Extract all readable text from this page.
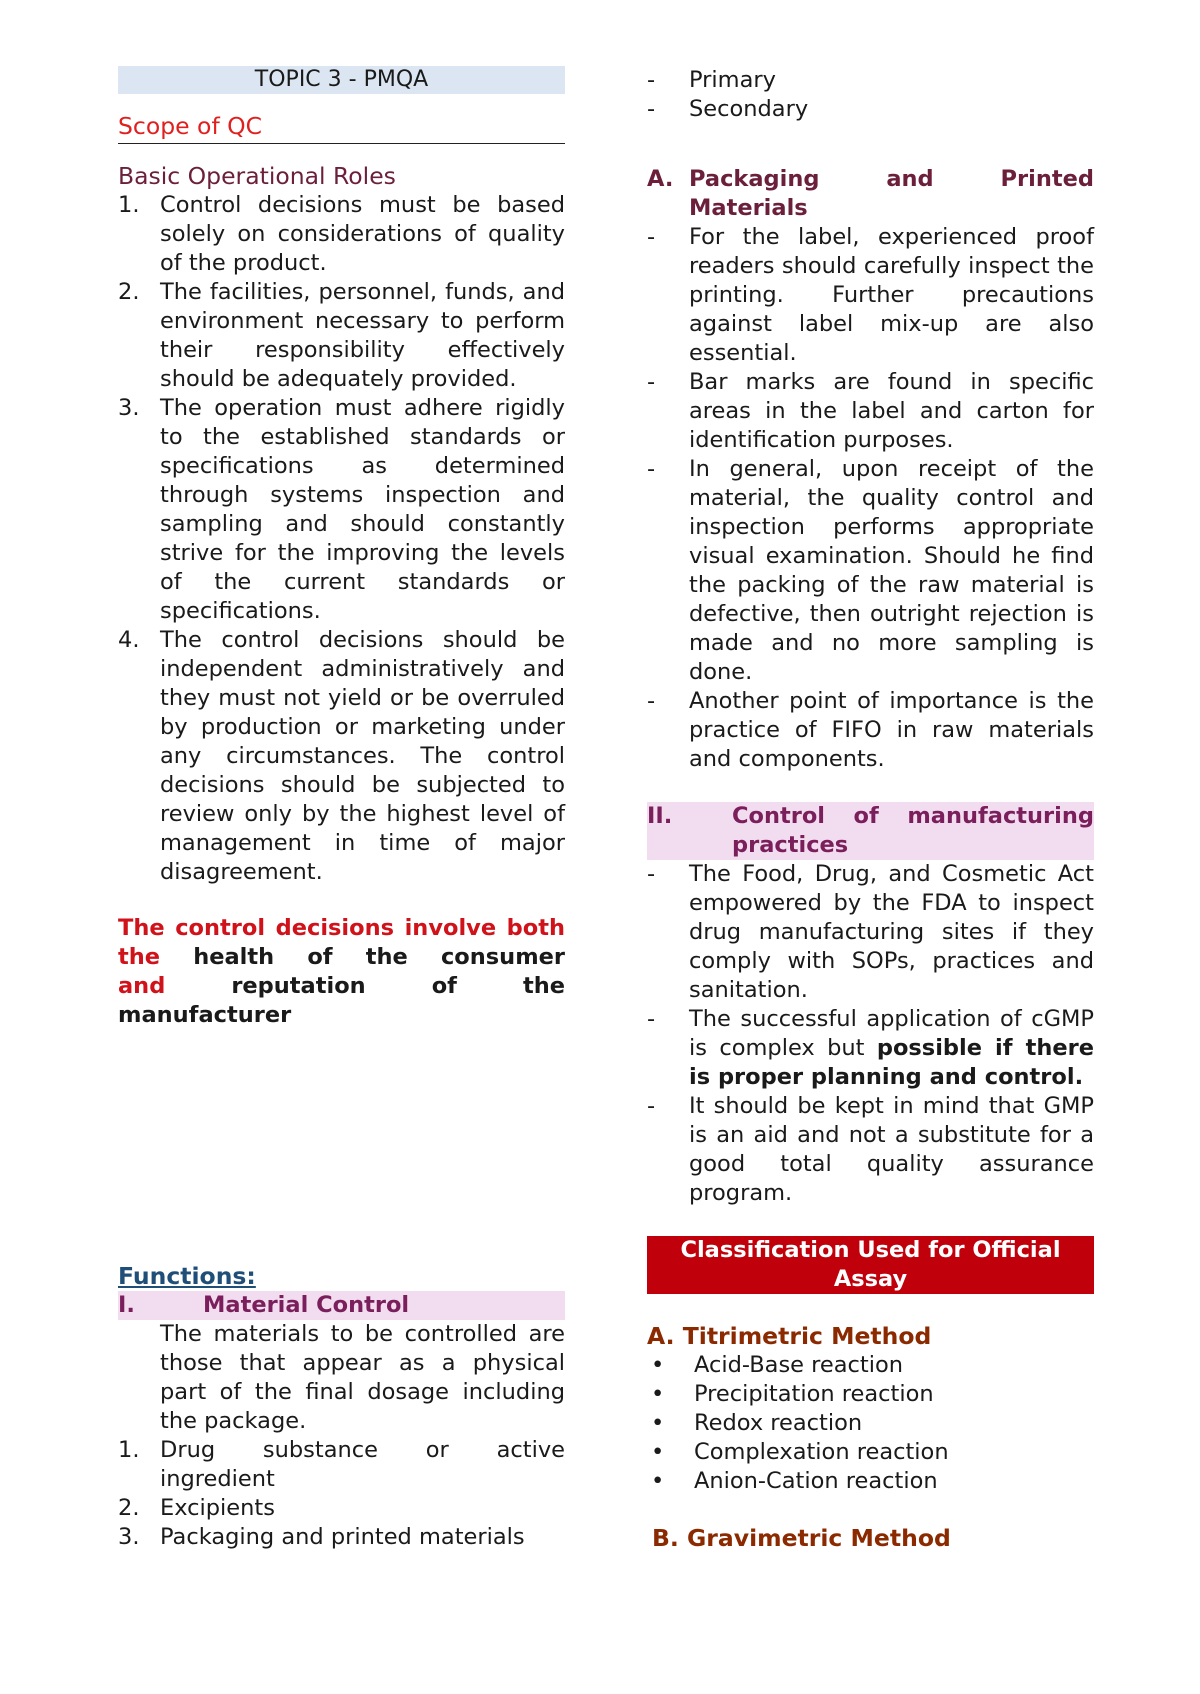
TOPIC 3 - PMQA
Scope of QC
Basic Operational Roles
1. Control decisions must be based solely on considerations of quality of the product.
2. The facilities, personnel, funds, and environment necessary to perform their responsibility effectively should be adequately provided.
3. The operation must adhere rigidly to the established standards or specifications as determined through systems inspection and sampling and should constantly strive for the improving the levels of the current standards or specifications.
4. The control decisions should be independent administratively and they must not yield or be overruled by production or marketing under any circumstances. The control decisions should be subjected to review only by the highest level of management in time of major disagreement.
The control decisions involve both the health of the consumer
and reputation of the manufacturer
Functions:
I.	Material Control
The materials to be controlled are those that appear as a physical part of the final dosage including the package.
1. Drug substance or active ingredient
2. Excipients
3. Packaging and printed materials
- Primary
- Secondary
A. Packaging	and	Printed
Materials
- For the label, experienced proof readers should carefully inspect the printing. Further precautions against label mix-up are also essential.
- Bar marks are found in specific areas in the label and carton for identification purposes.
- In general, upon receipt of the material, the quality control and inspection performs appropriate visual examination. Should he find the packing of the raw material is defective, then outright rejection is made and no more sampling is done.
- Another point of importance is the practice of FIFO in raw materials and components.
II.	Control of manufacturing practices
- The Food, Drug, and Cosmetic Act empowered by the FDA to inspect drug manufacturing sites if they comply with SOPs, practices and sanitation.
- The successful application of cGMP is complex but possible if there is proper planning and control.
- It should be kept in mind that GMP is an aid and not a substitute for a good total quality assurance program.
Classification Used for Official Assay
A. Titrimetric Method
• Acid-Base reaction
• Precipitation reaction
• Redox reaction
• Complexation reaction
• Anion-Cation reaction
B. Gravimetric Method
